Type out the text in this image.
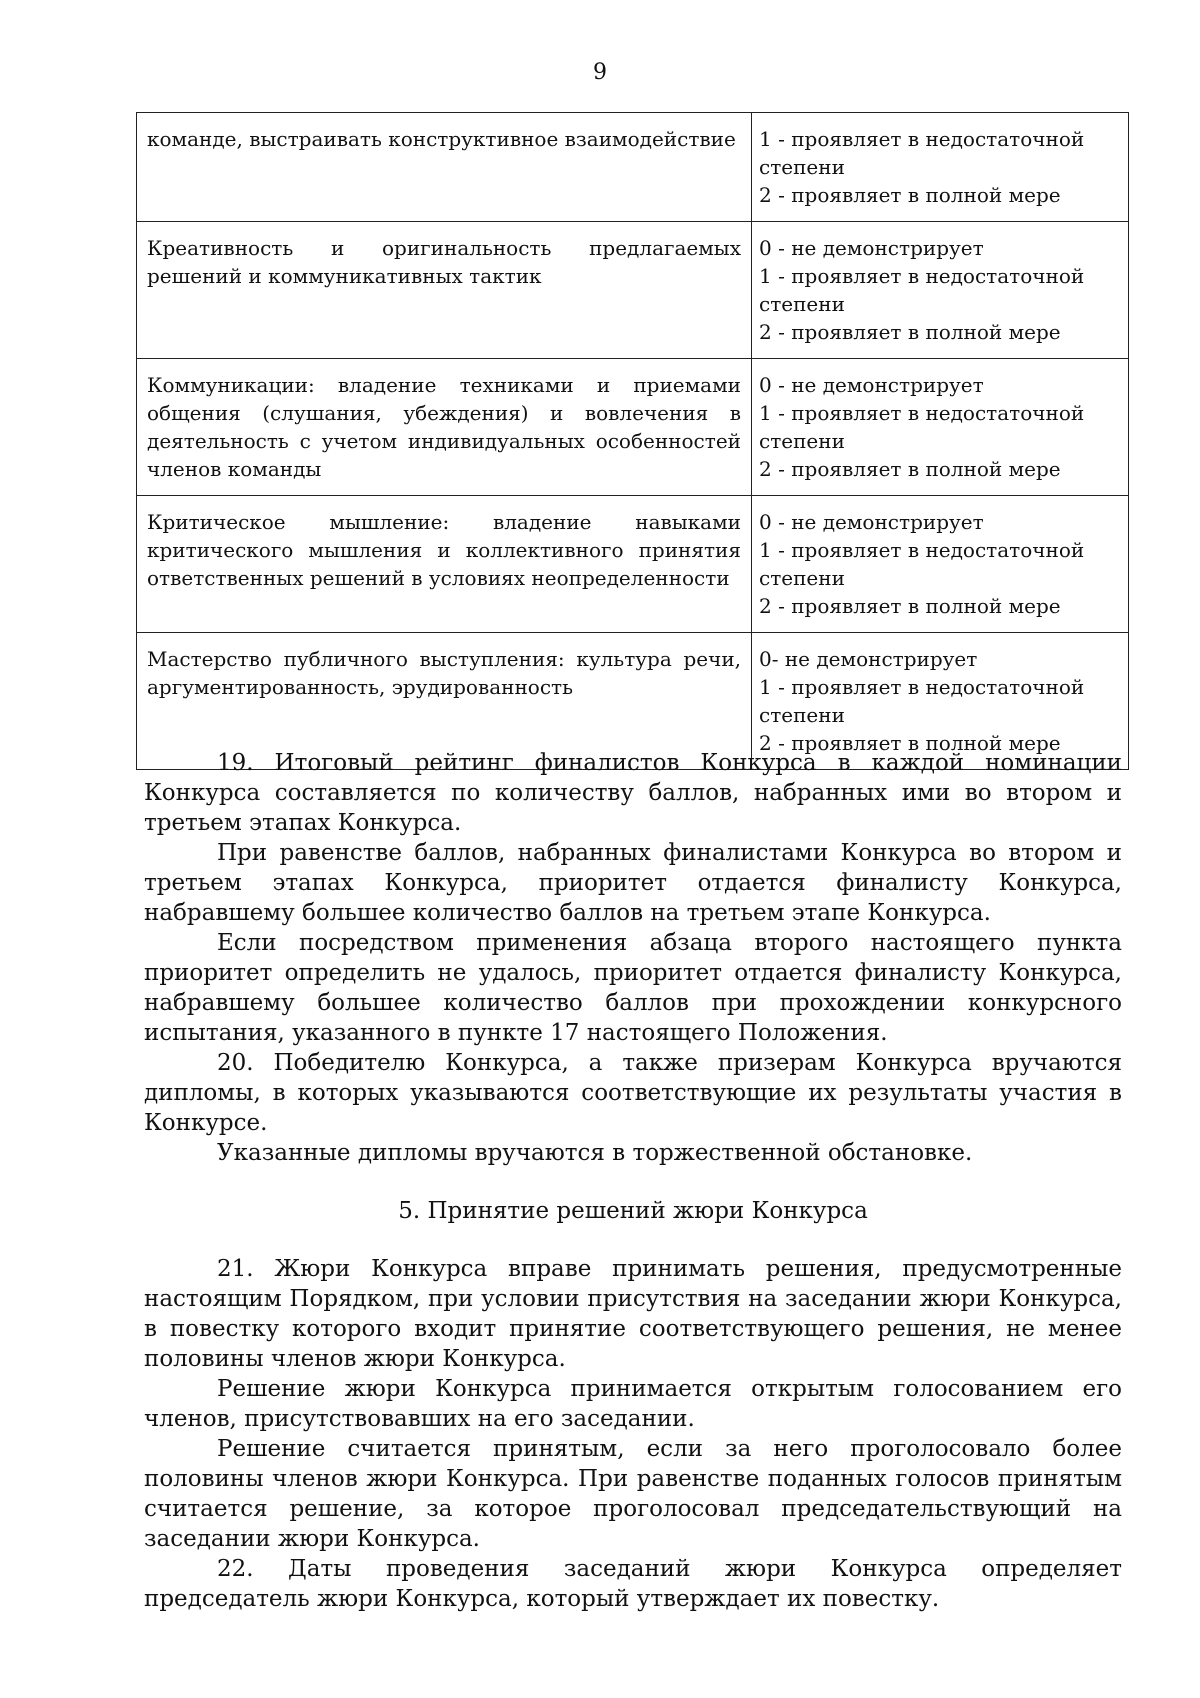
9
команде, выстраивать конструктивное взаимодействие	1 - проявляет в недостаточной
степени
2 - проявляет в полной мере

Креативность и оригинальность предлагаемых решений и коммуникативных тактик	0 - не демонстрирует
1 - проявляет в недостаточной
степени
2 - проявляет в полной мере

Коммуникации: владение техниками и приемами общения (слушания, убеждения) и вовлечения в деятельность с учетом индивидуальных особенностей членов команды	0 - не демонстрирует
1 - проявляет в недостаточной
степени
2 - проявляет в полной мере

Критическое мышление: владение навыками критического мышления и коллективного принятия ответственных решений в условиях неопределенности	0 - не демонстрирует
1 - проявляет в недостаточной
степени
2 - проявляет в полной мере

Мастерство публичного выступления: культура речи, аргументированность, эрудированность	0- не демонстрирует
1 - проявляет в недостаточной
степени
2 - проявляет в полной мере

19. Итоговый рейтинг финалистов Конкурса в каждой номинации Конкурса составляется по количеству баллов, набранных ими во втором и третьем этапах Конкурса.

При равенстве баллов, набранных финалистами Конкурса во втором и третьем этапах Конкурса, приоритет отдается финалисту Конкурса, набравшему большее количество баллов на третьем этапе Конкурса.

Если посредством применения абзаца второго настоящего пункта приоритет определить не удалось, приоритет отдается финалисту Конкурса, набравшему большее количество баллов при прохождении конкурсного испытания, указанного в пункте 17 настоящего Положения.

20. Победителю Конкурса, а также призерам Конкурса вручаются дипломы, в которых указываются соответствующие их результаты участия в Конкурсе.

Указанные дипломы вручаются в торжественной обстановке.

5. Принятие решений жюри Конкурса

21. Жюри Конкурса вправе принимать решения, предусмотренные настоящим Порядком, при условии присутствия на заседании жюри Конкурса, в повестку которого входит принятие соответствующего решения, не менее половины членов жюри Конкурса.

Решение жюри Конкурса принимается открытым голосованием его членов, присутствовавших на его заседании.

Решение считается принятым, если за него проголосовало более половины членов жюри Конкурса. При равенстве поданных голосов принятым считается решение, за которое проголосовал председательствующий на заседании жюри Конкурса.

22. Даты проведения заседаний жюри Конкурса определяет председатель жюри Конкурса, который утверждает их повестку.
